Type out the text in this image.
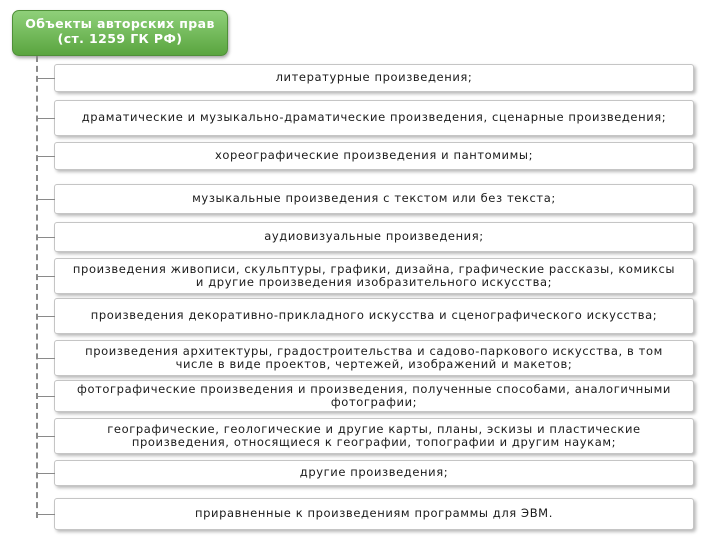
Объекты авторских прав (ст. 1259 ГК РФ)
литературные произведения;
драматические и музыкально-драматические произведения, сценарные произведения;
хореографические произведения и пантомимы;
музыкальные произведения с текстом или без текста;
аудиовизуальные произведения;
произведения живописи, скульптуры, графики, дизайна, графические рассказы, комиксы и другие произведения изобразительного искусства;
произведения декоративно-прикладного искусства и сценографического искусства;
произведения архитектуры, градостроительства и садово-паркового искусства, в том числе в виде проектов, чертежей, изображений и макетов;
фотографические произведения и произведения, полученные способами, аналогичными фотографии;
географические, геологические и другие карты, планы, эскизы и пластические произведения, относящиеся к географии, топографии и другим наукам;
другие произведения;
приравненные к произведениям программы для ЭВМ.
